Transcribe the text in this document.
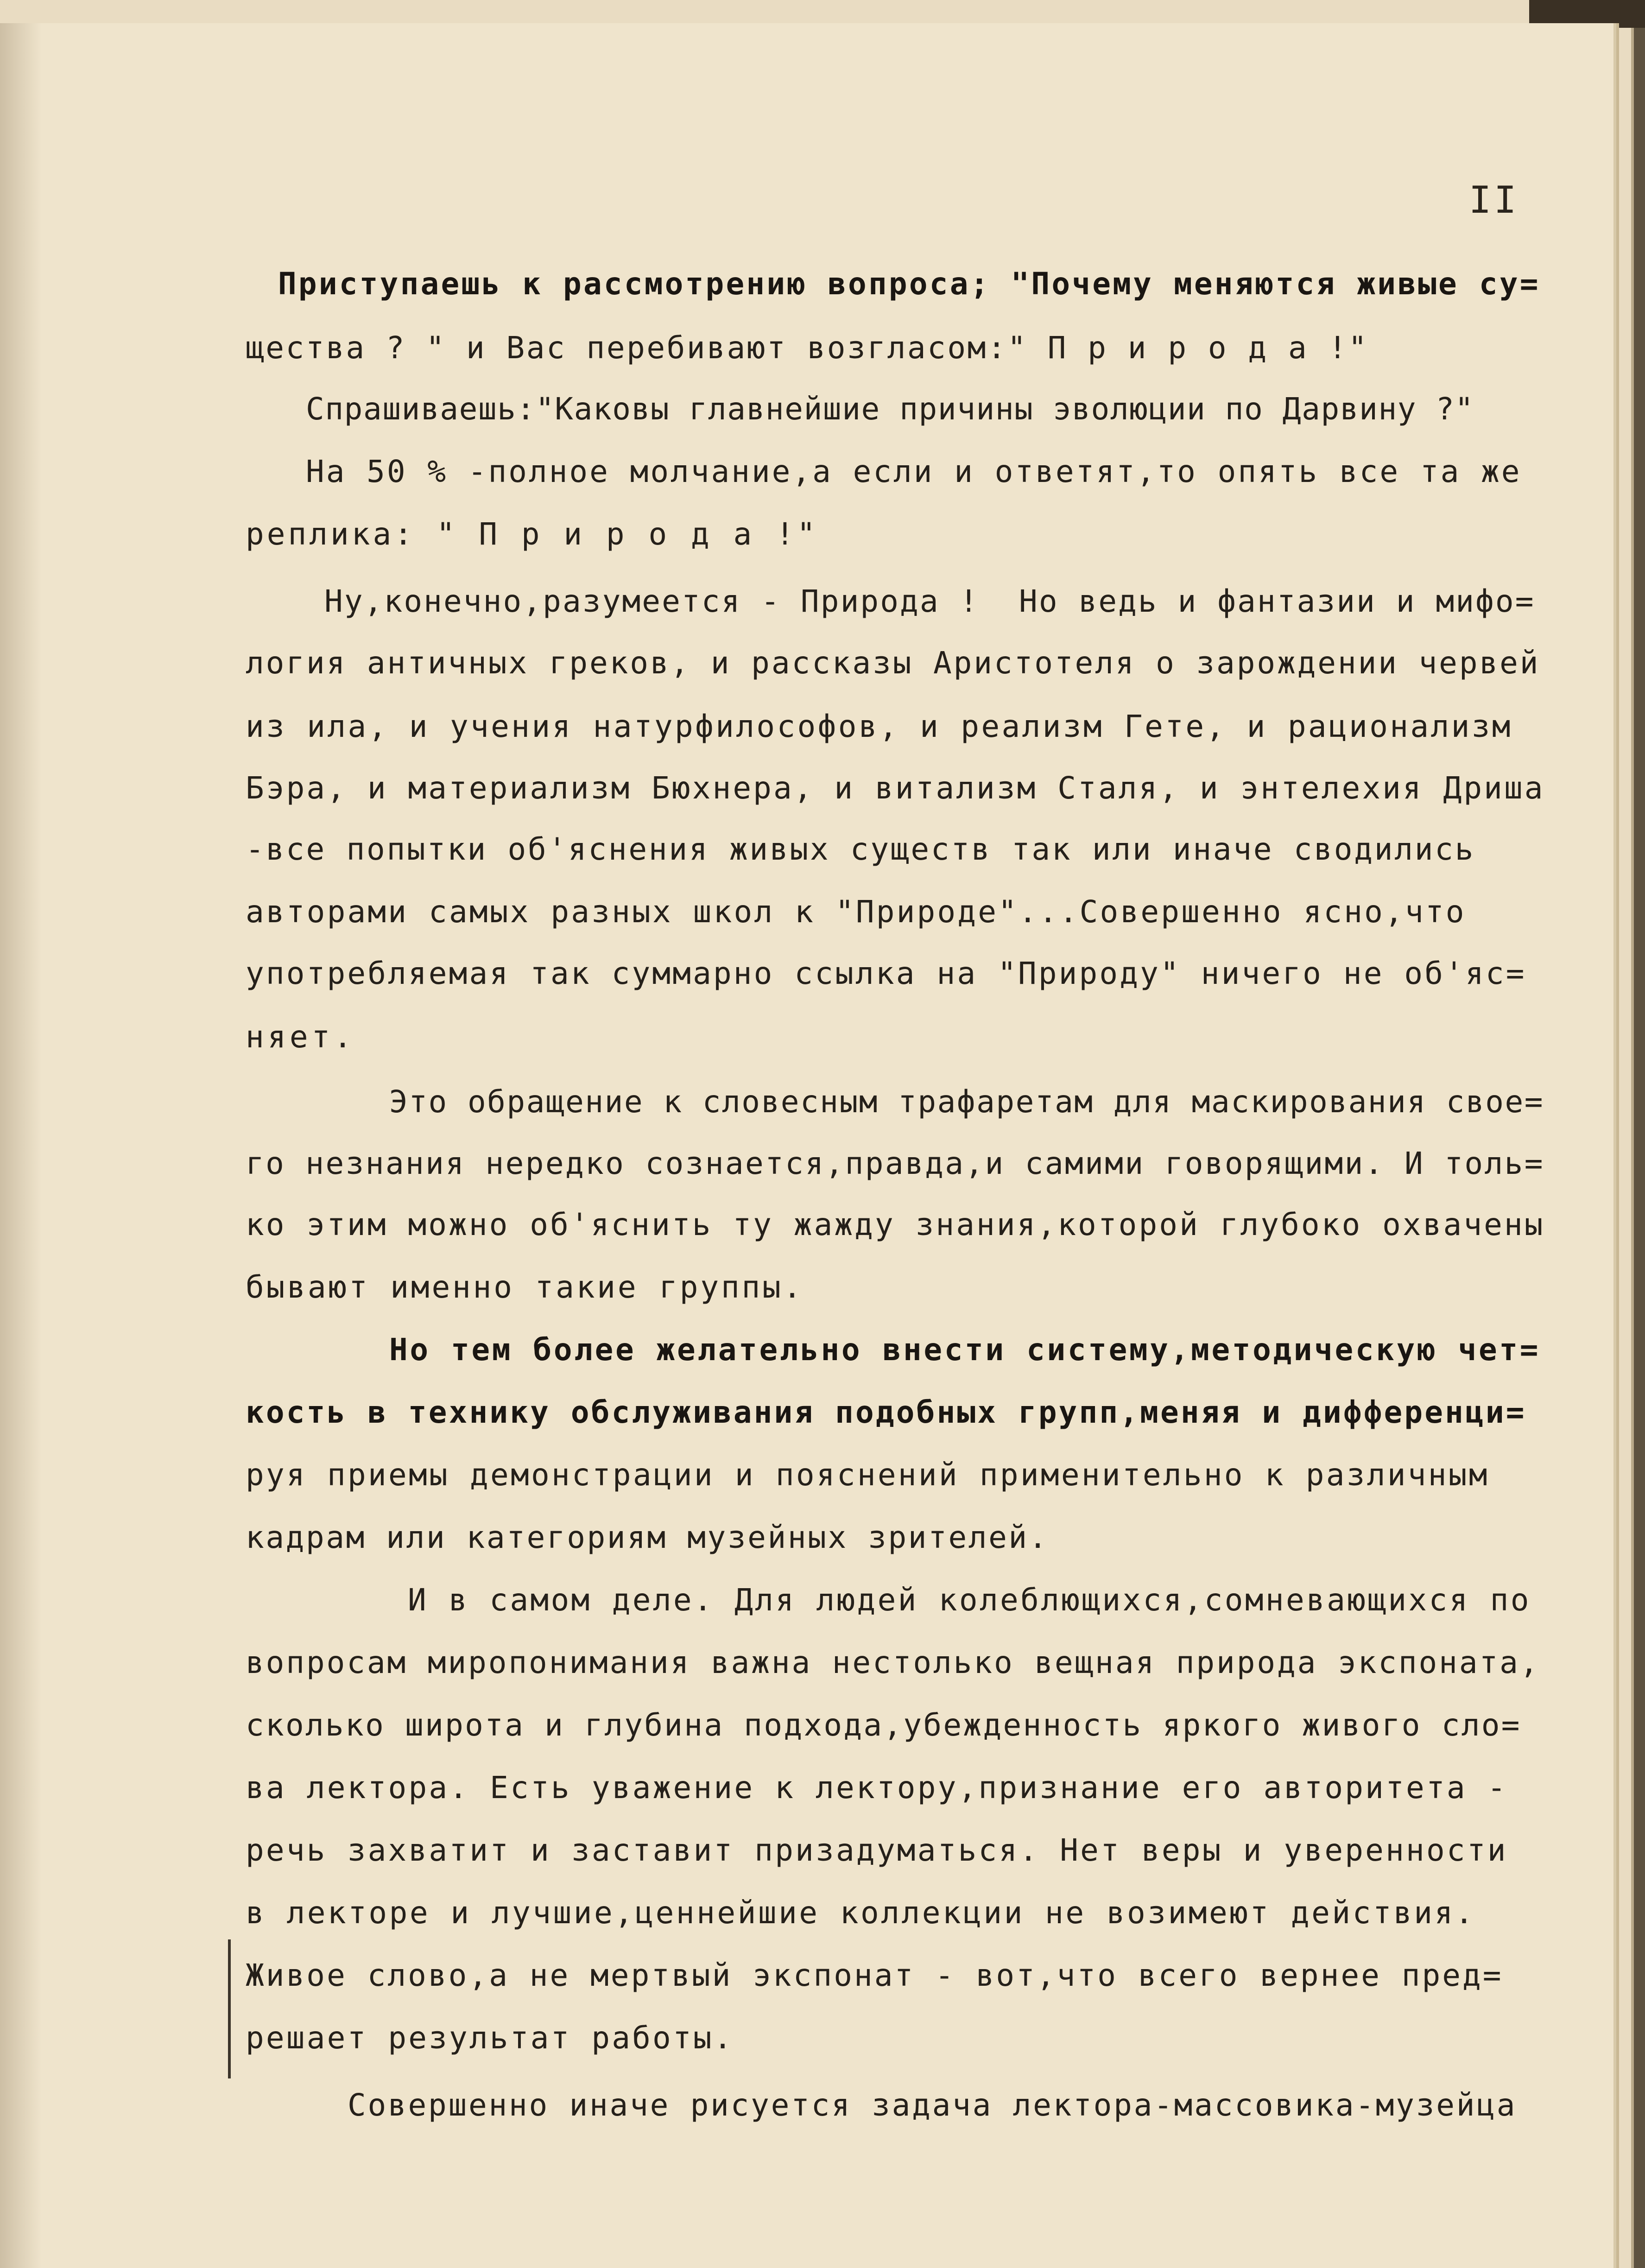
II
Приступаешь к рассмотрению вопроса; "Почему меняются живые су=
щества ? " и Вас перебивают возгласом:" П р и р о д а !"
Спрашиваешь:"Каковы главнейшие причины эволюции по Дарвину ?"
На 50 % -полное молчание,а если и ответят,то опять все та же
реплика: " П р и р о д а !"
Ну,конечно,разумеется - Природа !  Но ведь и фантазии и мифо=
логия античных греков, и рассказы Аристотеля о зарождении червей
из ила, и учения натурфилософов, и реализм Гете, и рационализм
Бэра, и материализм Бюхнера, и витализм Сталя, и энтелехия Дриша
-все попытки об'яснения живых существ так или иначе сводились
авторами самых разных школ к "Природе"...Совершенно ясно,что
употребляемая так суммарно ссылка на "Природу" ничего не об'яс=
няет.
Это обращение к словесным трафаретам для маскирования свое=
го незнания нередко сознается,правда,и самими говорящими. И толь=
ко этим можно об'яснить ту жажду знания,которой глубоко охвачены
бывают именно такие группы.
Но тем более желательно внести систему,методическую чет=
кость в технику обслуживания подобных групп,меняя и дифференци=
руя приемы демонстрации и пояснений применительно к различным
кадрам или категориям музейных зрителей.
И в самом деле. Для людей колеблющихся,сомневающихся по
вопросам миропонимания важна нестолько вещная природа экспоната,
сколько широта и глубина подхода,убежденность яркого живого сло=
ва лектора. Есть уважение к лектору,признание его авторитета -
речь захватит и заставит призадуматься. Нет веры и уверенности
в лекторе и лучшие,ценнейшие коллекции не возимеют действия.
Живое слово,а не мертвый экспонат - вот,что всего вернее пред=
решает результат работы.
Совершенно иначе рисуется задача лектора-массовика-музейца
